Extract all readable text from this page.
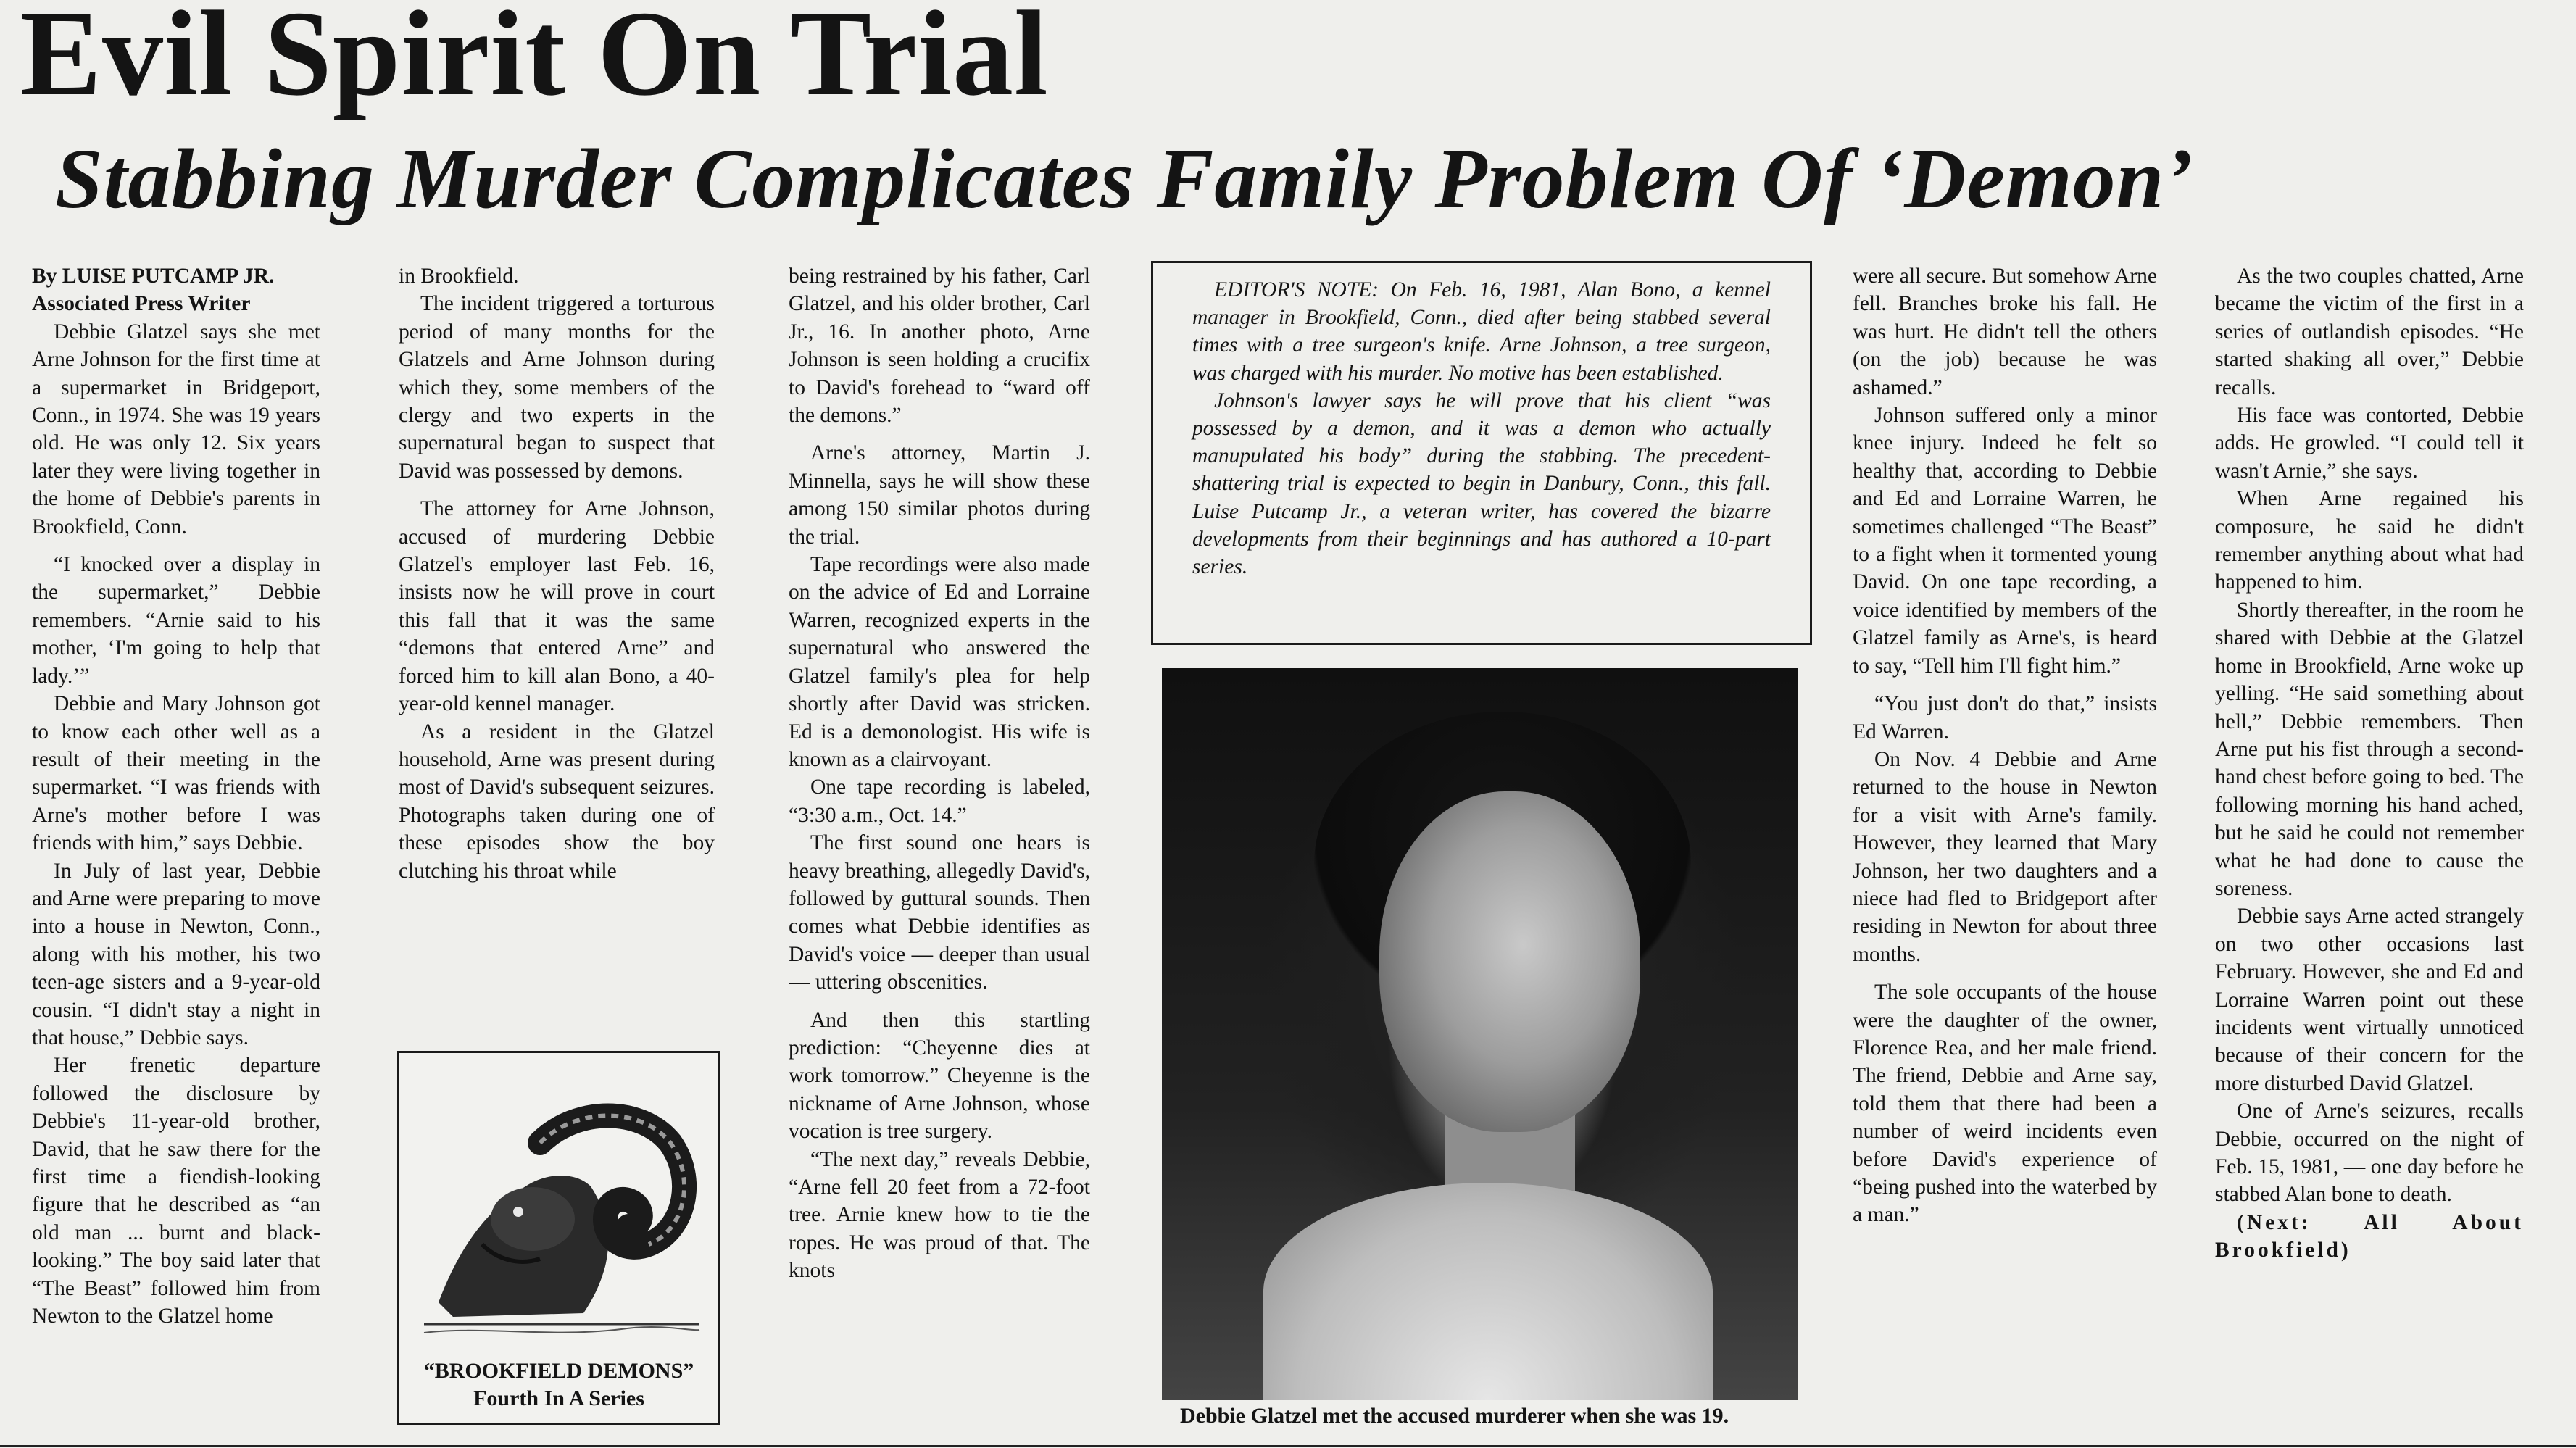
Evil Spirit On Trial
Stabbing Murder Complicates Family Problem Of ‘Demon’

By LUISE PUTCAMP JR.

Associated Press Writer

Debbie Glatzel says she met Arne Johnson for the first time at a supermarket in Bridgeport, Conn., in 1974. She was 19 years old. He was only 12. Six years later they were living together in the home of Debbie's parents in Brookfield, Conn.

“I knocked over a display in the supermarket,” Debbie remembers. “Arnie said to his mother, ‘I'm going to help that lady.’”

Debbie and Mary Johnson got to know each other well as a result of their meeting in the supermarket. “I was friends with Arne's mother before I was friends with him,” says Debbie.

In July of last year, Debbie and Arne were preparing to move into a house in Newton, Conn., along with his mother, his two teen-age sisters and a 9-year-old cousin. “I didn't stay a night in that house,” Debbie says.

Her frenetic departure followed the disclosure by Debbie's 11-year-old brother, David, that he saw there for the first time a fiendish-looking figure that he described as “an old man ... burnt and black-looking.” The boy said later that “The Beast” followed him from Newton to the Glatzel home

in Brookfield.

The incident triggered a torturous period of many months for the Glatzels and Arne Johnson during which they, some members of the clergy and two experts in the supernatural began to suspect that David was possessed by demons.

The attorney for Arne Johnson, accused of murdering Debbie Glatzel's employer last Feb. 16, insists now he will prove in court this fall that it was the same “demons that entered Arne” and forced him to kill alan Bono, a 40-year-old kennel manager.

As a resident in the Glatzel household, Arne was present during most of David's subsequent seizures. Photographs taken during one of these episodes show the boy clutching his throat while

“BROOKFIELD DEMONS”
Fourth In A Series

being restrained by his father, Carl Glatzel, and his older brother, Carl Jr., 16. In another photo, Arne Johnson is seen holding a crucifix to David's forehead to “ward off the demons.”

Arne's attorney, Martin J. Minnella, says he will show these among 150 similar photos during the trial.

Tape recordings were also made on the advice of Ed and Lorraine Warren, recognized experts in the supernatural who answered the Glatzel family's plea for help shortly after David was stricken. Ed is a demonologist. His wife is known as a clairvoyant.

One tape recording is labeled, “3:30 a.m., Oct. 14.”

The first sound one hears is heavy breathing, allegedly David's, followed by guttural sounds. Then comes what Debbie identifies as David's voice — deeper than usual — uttering obscenities.

And then this startling prediction: “Cheyenne dies at work tomorrow.” Cheyenne is the nickname of Arne Johnson, whose vocation is tree surgery.

“The next day,” reveals Debbie, “Arne fell 20 feet from a 72-foot tree. Arnie knew how to tie the ropes. He was proud of that. The knots

EDITOR'S NOTE: On Feb. 16, 1981, Alan Bono, a kennel manager in Brookfield, Conn., died after being stabbed several times with a tree surgeon's knife. Arne Johnson, a tree surgeon, was charged with his murder. No motive has been established.

Johnson's lawyer says he will prove that his client “was possessed by a demon, and it was a demon who actually manupulated his body” during the stabbing. The precedent-shattering trial is expected to begin in Danbury, Conn., this fall. Luise Putcamp Jr., a veteran writer, has covered the bizarre developments from their beginnings and has authored a 10-part series.

Debbie Glatzel met the accused murderer when she was 19.

were all secure. But somehow Arne fell. Branches broke his fall. He was hurt. He didn't tell the others (on the job) because he was ashamed.”

Johnson suffered only a minor knee injury. Indeed he felt so healthy that, according to Debbie and Ed and Lorraine Warren, he sometimes challenged “The Beast” to a fight when it tormented young David. On one tape recording, a voice identified by members of the Glatzel family as Arne's, is heard to say, “Tell him I'll fight him.”

“You just don't do that,” insists Ed Warren.

On Nov. 4 Debbie and Arne returned to the house in Newton for a visit with Arne's family. However, they learned that Mary Johnson, her two daughters and a niece had fled to Bridgeport after residing in Newton for about three months.

The sole occupants of the house were the daughter of the owner, Florence Rea, and her male friend. The friend, Debbie and Arne say, told them that there had been a number of weird incidents even before David's experience of “being pushed into the waterbed by a man.”

As the two couples chatted, Arne became the victim of the first in a series of outlandish episodes. “He started shaking all over,” Debbie recalls.

His face was contorted, Debbie adds. He growled. “I could tell it wasn't Arnie,” she says.

When Arne regained his composure, he said he didn't remember anything about what had happened to him.

Shortly thereafter, in the room he shared with Debbie at the Glatzel home in Brookfield, Arne woke up yelling. “He said something about hell,” Debbie remembers. Then Arne put his fist through a second-hand chest before going to bed. The following morning his hand ached, but he said he could not remember what he had done to cause the soreness.

Debbie says Arne acted strangely on two other occasions last February. However, she and Ed and Lorraine Warren point out these incidents went virtually unnoticed because of their concern for the more disturbed David Glatzel.

One of Arne's seizures, recalls Debbie, occurred on the night of Feb. 15, 1981, — one day before he stabbed Alan bone to death.

(Next: All About Brookfield)
